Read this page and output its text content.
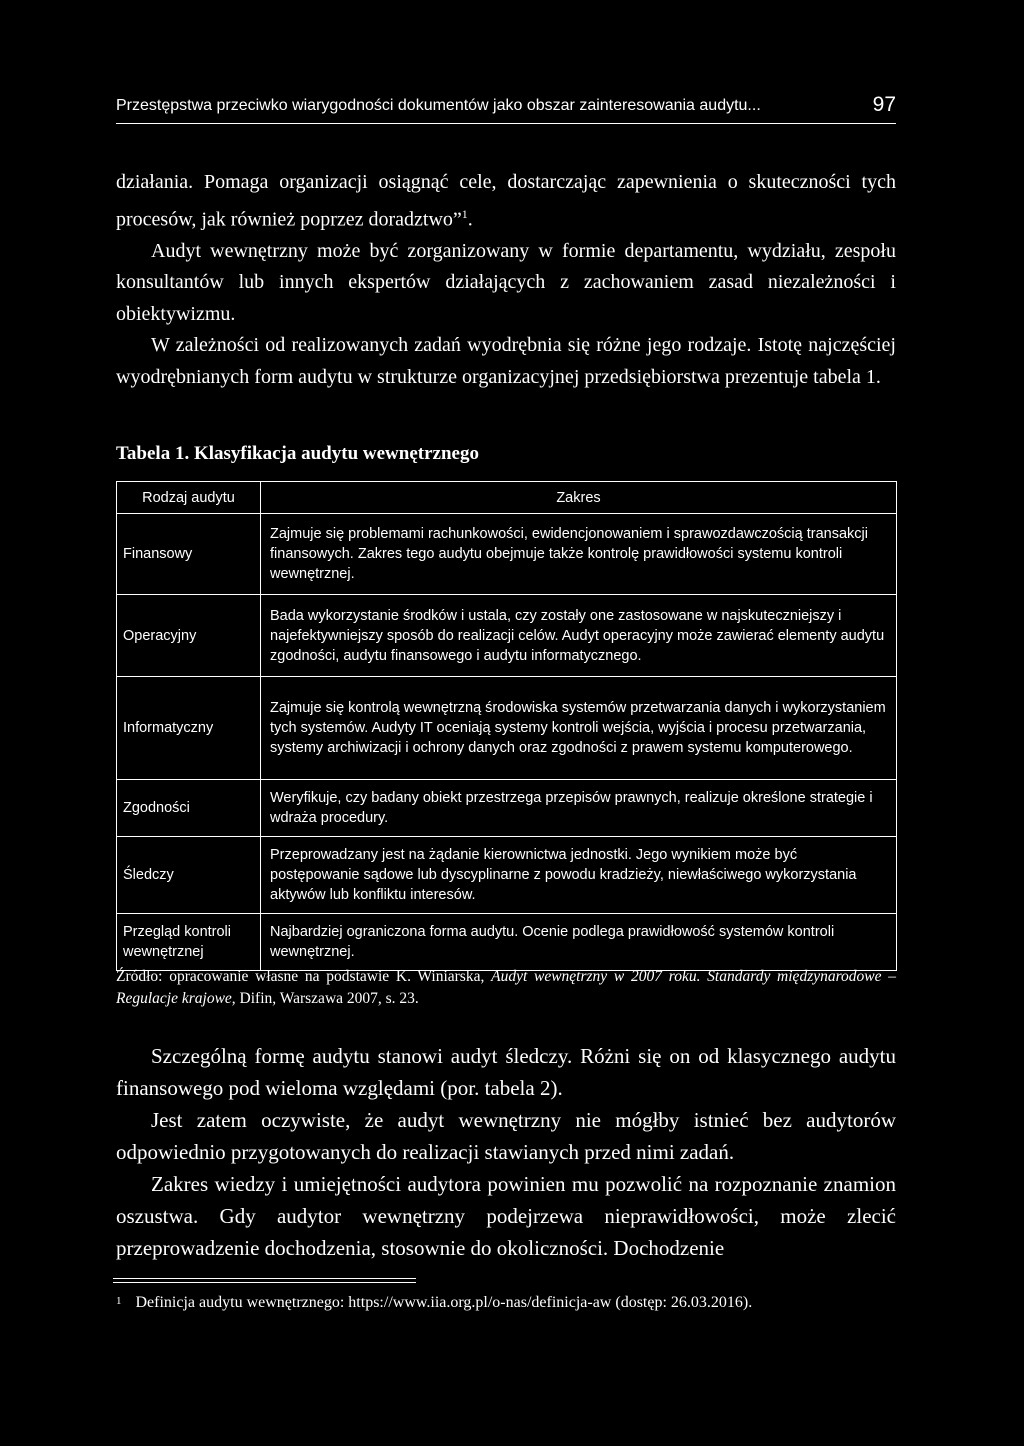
Przestępstwa przeciwko wiarygodności dokumentów jako obszar zainteresowania audytu...	97

działania. Pomaga organizacji osiągnąć cele, dostarczając zapewnienia o skuteczności tych procesów, jak również poprzez doradztwo”$^1$.

Audyt wewnętrzny może być zorganizowany w formie departamentu, wydziału, zespołu konsultantów lub innych ekspertów działających z zachowaniem zasad niezależności i obiektywizmu.

W zależności od realizowanych zadań wyodrębnia się różne jego rodzaje. Istotę najczęściej wyodrębnianych form audytu w strukturze organizacyjnej przedsiębiorstwa prezentuje tabela 1.

Tabela 1. Klasyfikacja audytu wewnętrznego
Rodzaj audytu	Zakres
Finansowy	Zajmuje się problemami rachunkowości, ewidencjonowaniem i sprawozdawczością transakcji finansowych. Zakres tego audytu obejmuje także kontrolę prawidłowości systemu kontroli wewnętrznej.
Operacyjny	Bada wykorzystanie środków i ustala, czy zostały one zastosowane w najskuteczniejszy i najefektywniejszy sposób do realizacji celów. Audyt operacyjny może zawierać elementy audytu zgodności, audytu finansowego i audytu informatycznego.
Informatyczny	Zajmuje się kontrolą wewnętrzną środowiska systemów przetwarzania danych i wykorzystaniem tych systemów. Audyty IT oceniają systemy kontroli wejścia, wyjścia i procesu przetwarzania, systemy archiwizacji i ochrony danych oraz zgodności z prawem systemu komputerowego.
Zgodności	Weryfikuje, czy badany obiekt przestrzega przepisów prawnych, realizuje określone strategie i wdraża procedury.
Śledczy	Przeprowadzany jest na żądanie kierownictwa jednostki. Jego wynikiem może być postępowanie sądowe lub dyscyplinarne z powodu kradzieży, niewłaściwego wykorzystania aktywów lub konfliktu interesów.
Przegląd kontroli wewnętrznej	Najbardziej ograniczona forma audytu. Ocenie podlega prawidłowość systemów kontroli wewnętrznej.
Źródło: opracowanie własne na podstawie K. Winiarska, Audyt wewnętrzny w 2007 roku. Standardy międzynarodowe – Regulacje krajowe, Difin, Warszawa 2007, s. 23.

Szczególną formę audytu stanowi audyt śledczy. Różni się on od klasycznego audytu finansowego pod wieloma względami (por. tabela 2).

Jest zatem oczywiste, że audyt wewnętrzny nie mógłby istnieć bez audytorów odpowiednio przygotowanych do realizacji stawianych przed nimi zadań.

Zakres wiedzy i umiejętności audytora powinien mu pozwolić na rozpoznanie znamion oszustwa. Gdy audytor wewnętrzny podejrzewa nieprawidłowości, może zlecić przeprowadzenie dochodzenia, stosownie do okoliczności. Dochodzenie

$^1$ Definicja audytu wewnętrznego: https://www.iia.org.pl/o-nas/definicja-aw (dostęp: 26.03.2016).
